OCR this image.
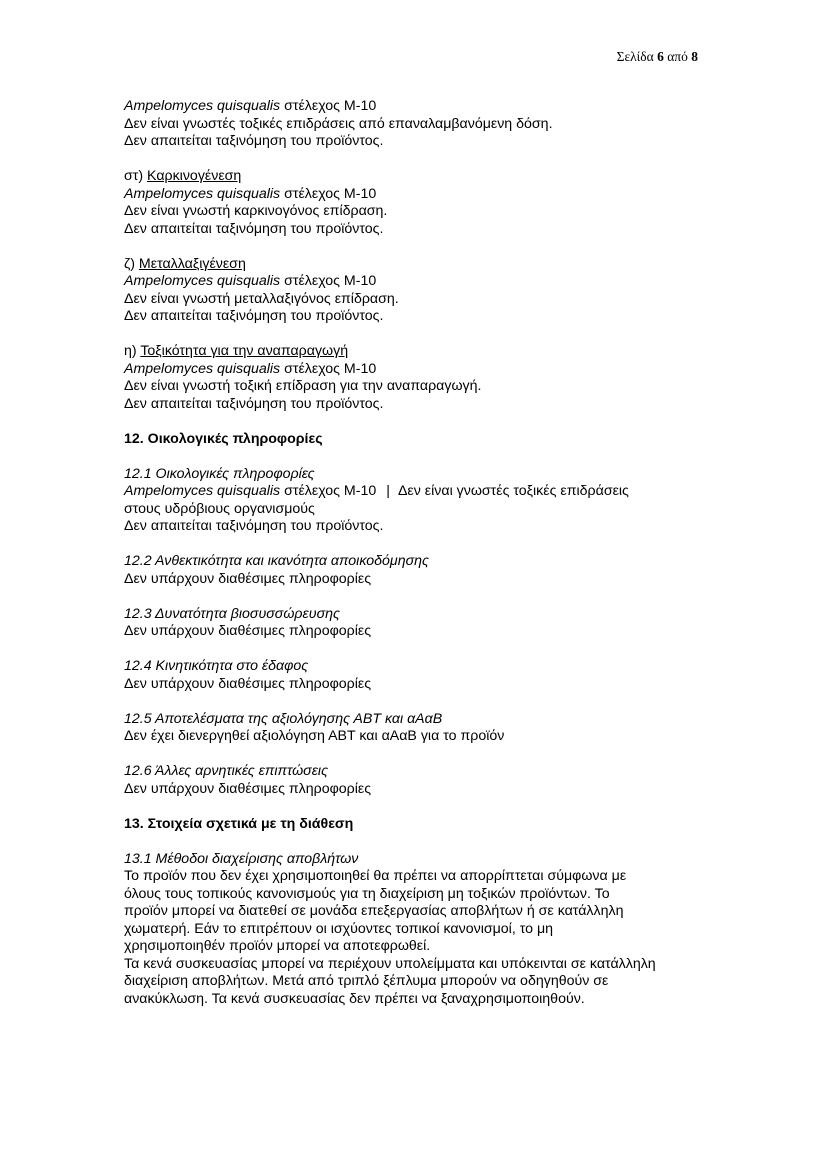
Σελίδα 6 από 8
Ampelomyces quisqualis στέλεχος M-10
Δεν είναι γνωστές τοξικές επιδράσεις από επαναλαμβανόμενη δόση.
Δεν απαιτείται ταξινόμηση του προϊόντος.
στ) Καρκινογένεση
Ampelomyces quisqualis στέλεχος M-10
Δεν είναι γνωστή καρκινογόνος επίδραση.
Δεν απαιτείται ταξινόμηση του προϊόντος.
ζ) Μεταλλαξιγένεση
Ampelomyces quisqualis στέλεχος M-10
Δεν είναι γνωστή μεταλλαξιγόνος επίδραση.
Δεν απαιτείται ταξινόμηση του προϊόντος.
η) Τοξικότητα για την αναπαραγωγή
Ampelomyces quisqualis στέλεχος M-10
Δεν είναι γνωστή τοξική επίδραση για την αναπαραγωγή.
Δεν απαιτείται ταξινόμηση του προϊόντος.
12. Οικολογικές πληροφορίες
12.1 Οικολογικές πληροφορίες
Ampelomyces quisqualis στέλεχος M-10 | Δεν είναι γνωστές τοξικές επιδράσεις
στους υδρόβιους οργανισμούς
Δεν απαιτείται ταξινόμηση του προϊόντος.
12.2 Ανθεκτικότητα και ικανότητα αποικοδόμησης
Δεν υπάρχουν διαθέσιμες πληροφορίες
12.3 Δυνατότητα βιοσυσσώρευσης
Δεν υπάρχουν διαθέσιμες πληροφορίες
12.4 Κινητικότητα στο έδαφος
Δεν υπάρχουν διαθέσιμες πληροφορίες
12.5 Αποτελέσματα της αξιολόγησης ΑΒΤ και αΑαΒ
Δεν έχει διενεργηθεί αξιολόγηση ΑΒΤ και αΑαΒ για το προϊόν
12.6 Άλλες αρνητικές επιπτώσεις
Δεν υπάρχουν διαθέσιμες πληροφορίες
13. Στοιχεία σχετικά με τη διάθεση
13.1 Μέθοδοι διαχείρισης αποβλήτων
Το προϊόν που δεν έχει χρησιμοποιηθεί θα πρέπει να απορρίπτεται σύμφωνα με
όλους τους τοπικούς κανονισμούς για τη διαχείριση μη τοξικών προϊόντων. Το
προϊόν μπορεί να διατεθεί σε μονάδα επεξεργασίας αποβλήτων ή σε κατάλληλη
χωματερή. Εάν το επιτρέπουν οι ισχύοντες τοπικοί κανονισμοί, το μη
χρησιμοποιηθέν προϊόν μπορεί να αποτεφρωθεί.
Τα κενά συσκευασίας μπορεί να περιέχουν υπολείμματα και υπόκεινται σε κατάλληλη
διαχείριση αποβλήτων. Μετά από τριπλό ξέπλυμα μπορούν να οδηγηθούν σε
ανακύκλωση. Τα κενά συσκευασίας δεν πρέπει να ξαναχρησιμοποιηθούν.
